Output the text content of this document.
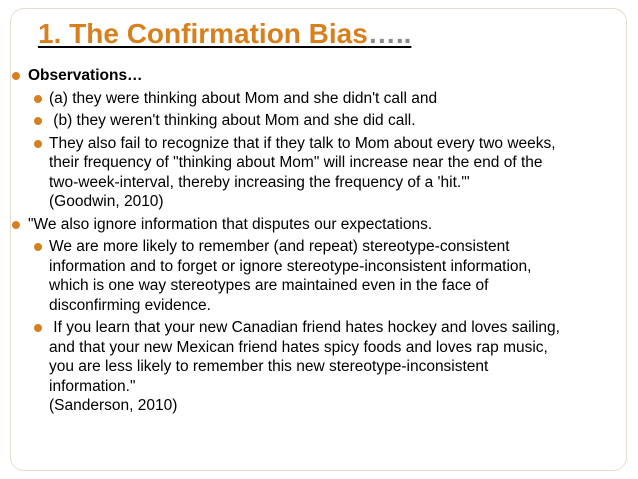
1. The Confirmation Bias…..
Observations…
(a) they were thinking about Mom and she didn't call and
(b) they weren't thinking about Mom and she did call.
They also fail to recognize that if they talk to Mom about every two weeks,
their frequency of "thinking about Mom" will increase near the end of the
two-week-interval, thereby increasing the frequency of a 'hit.'"
(Goodwin, 2010)
"We also ignore information that disputes our expectations.
We are more likely to remember (and repeat) stereotype-consistent
information and to forget or ignore stereotype-inconsistent information,
which is one way stereotypes are maintained even in the face of
disconfirming evidence.
If you learn that your new Canadian friend hates hockey and loves sailing,
and that your new Mexican friend hates spicy foods and loves rap music,
you are less likely to remember this new stereotype-inconsistent
information."
(Sanderson, 2010)
